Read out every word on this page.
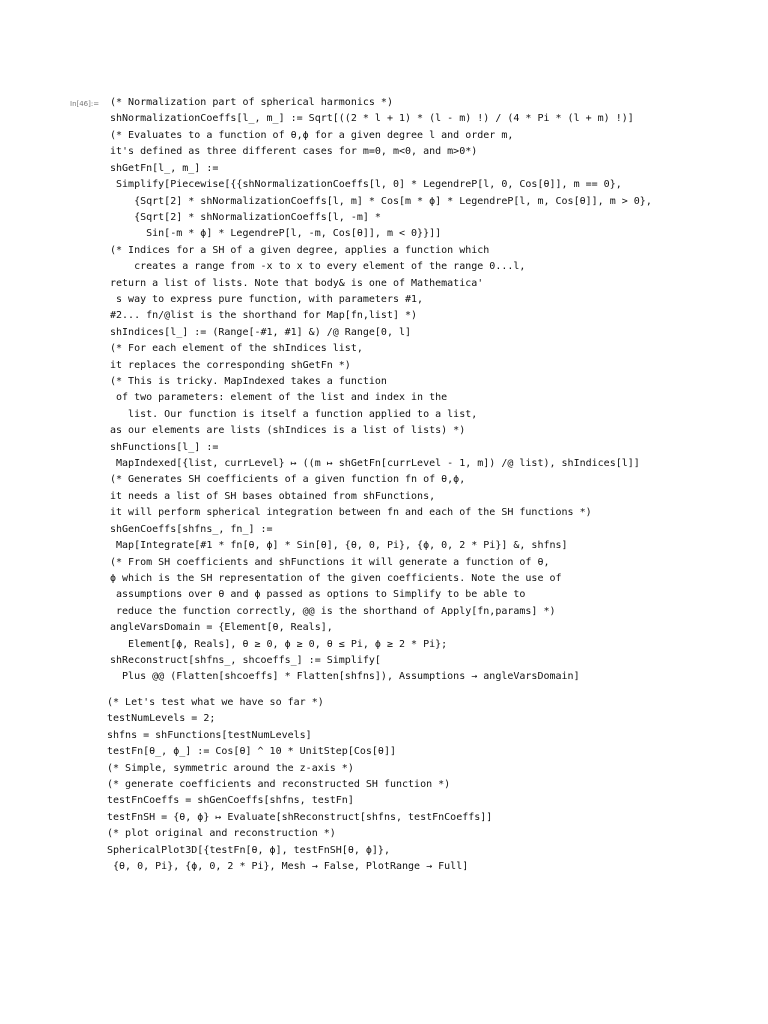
In[46]:=

(* Normalization part of spherical harmonics *)

shNormalizationCoeffs[l_, m_] := Sqrt[((2 * l + 1) * (l - m) !) / (4 * Pi * (l + m) !)]

(* Evaluates to a function of θ,ϕ for a given degree l and order m,

it's defined as three different cases for m=0, m<0, and m>0*)

shGetFn[l_, m_] :=

Simplify[Piecewise[{{shNormalizationCoeffs[l, 0] * LegendreP[l, 0, Cos[θ]], m == 0},

{Sqrt[2] * shNormalizationCoeffs[l, m] * Cos[m * ϕ] * LegendreP[l, m, Cos[θ]], m > 0},

{Sqrt[2] * shNormalizationCoeffs[l, -m] *

Sin[-m * ϕ] * LegendreP[l, -m, Cos[θ]], m < 0}}]]

(* Indices for a SH of a given degree, applies a function which

creates a range from -x to x to every element of the range 0...l,

return a list of lists. Note that body& is one of Mathematica'

s way to express pure function, with parameters #1,

#2... fn/@list is the shorthand for Map[fn,list] *)

shIndices[l_] := (Range[-#1, #1] &) /@ Range[0, l]

(* For each element of the shIndices list,

it replaces the corresponding shGetFn *)

(* This is tricky. MapIndexed takes a function

of two parameters: element of the list and index in the

list. Our function is itself a function applied to a list,

as our elements are lists (shIndices is a list of lists) *)

shFunctions[l_] :=

MapIndexed[{list, currLevel} ↦ ((m ↦ shGetFn[currLevel - 1, m]) /@ list), shIndices[l]]

(* Generates SH coefficients of a given function fn of θ,ϕ,

it needs a list of SH bases obtained from shFunctions,

it will perform spherical integration between fn and each of the SH functions *)

shGenCoeffs[shfns_, fn_] :=

Map[Integrate[#1 * fn[θ, ϕ] * Sin[θ], {θ, 0, Pi}, {ϕ, 0, 2 * Pi}] &, shfns]

(* From SH coefficients and shFunctions it will generate a function of θ,

ϕ which is the SH representation of the given coefficients. Note the use of

assumptions over θ and ϕ passed as options to Simplify to be able to

reduce the function correctly, @@ is the shorthand of Apply[fn,params] *)

angleVarsDomain = {Element[θ, Reals],

Element[ϕ, Reals], θ ≥ 0, ϕ ≥ 0, θ ≤ Pi, ϕ ≥ 2 * Pi};

shReconstruct[shfns_, shcoeffs_] := Simplify[

Plus @@ (Flatten[shcoeffs] * Flatten[shfns]), Assumptions → angleVarsDomain]

(* Let's test what we have so far *)

testNumLevels = 2;

shfns = shFunctions[testNumLevels]

testFn[θ_, ϕ_] := Cos[θ] ^ 10 * UnitStep[Cos[θ]]

(* Simple, symmetric around the z-axis *)

(* generate coefficients and reconstructed SH function *)

testFnCoeffs = shGenCoeffs[shfns, testFn]

testFnSH = {θ, ϕ} ↦ Evaluate[shReconstruct[shfns, testFnCoeffs]]

(* plot original and reconstruction *)

SphericalPlot3D[{testFn[θ, ϕ], testFnSH[θ, ϕ]},

{θ, 0, Pi}, {ϕ, 0, 2 * Pi}, Mesh → False, PlotRange → Full]
